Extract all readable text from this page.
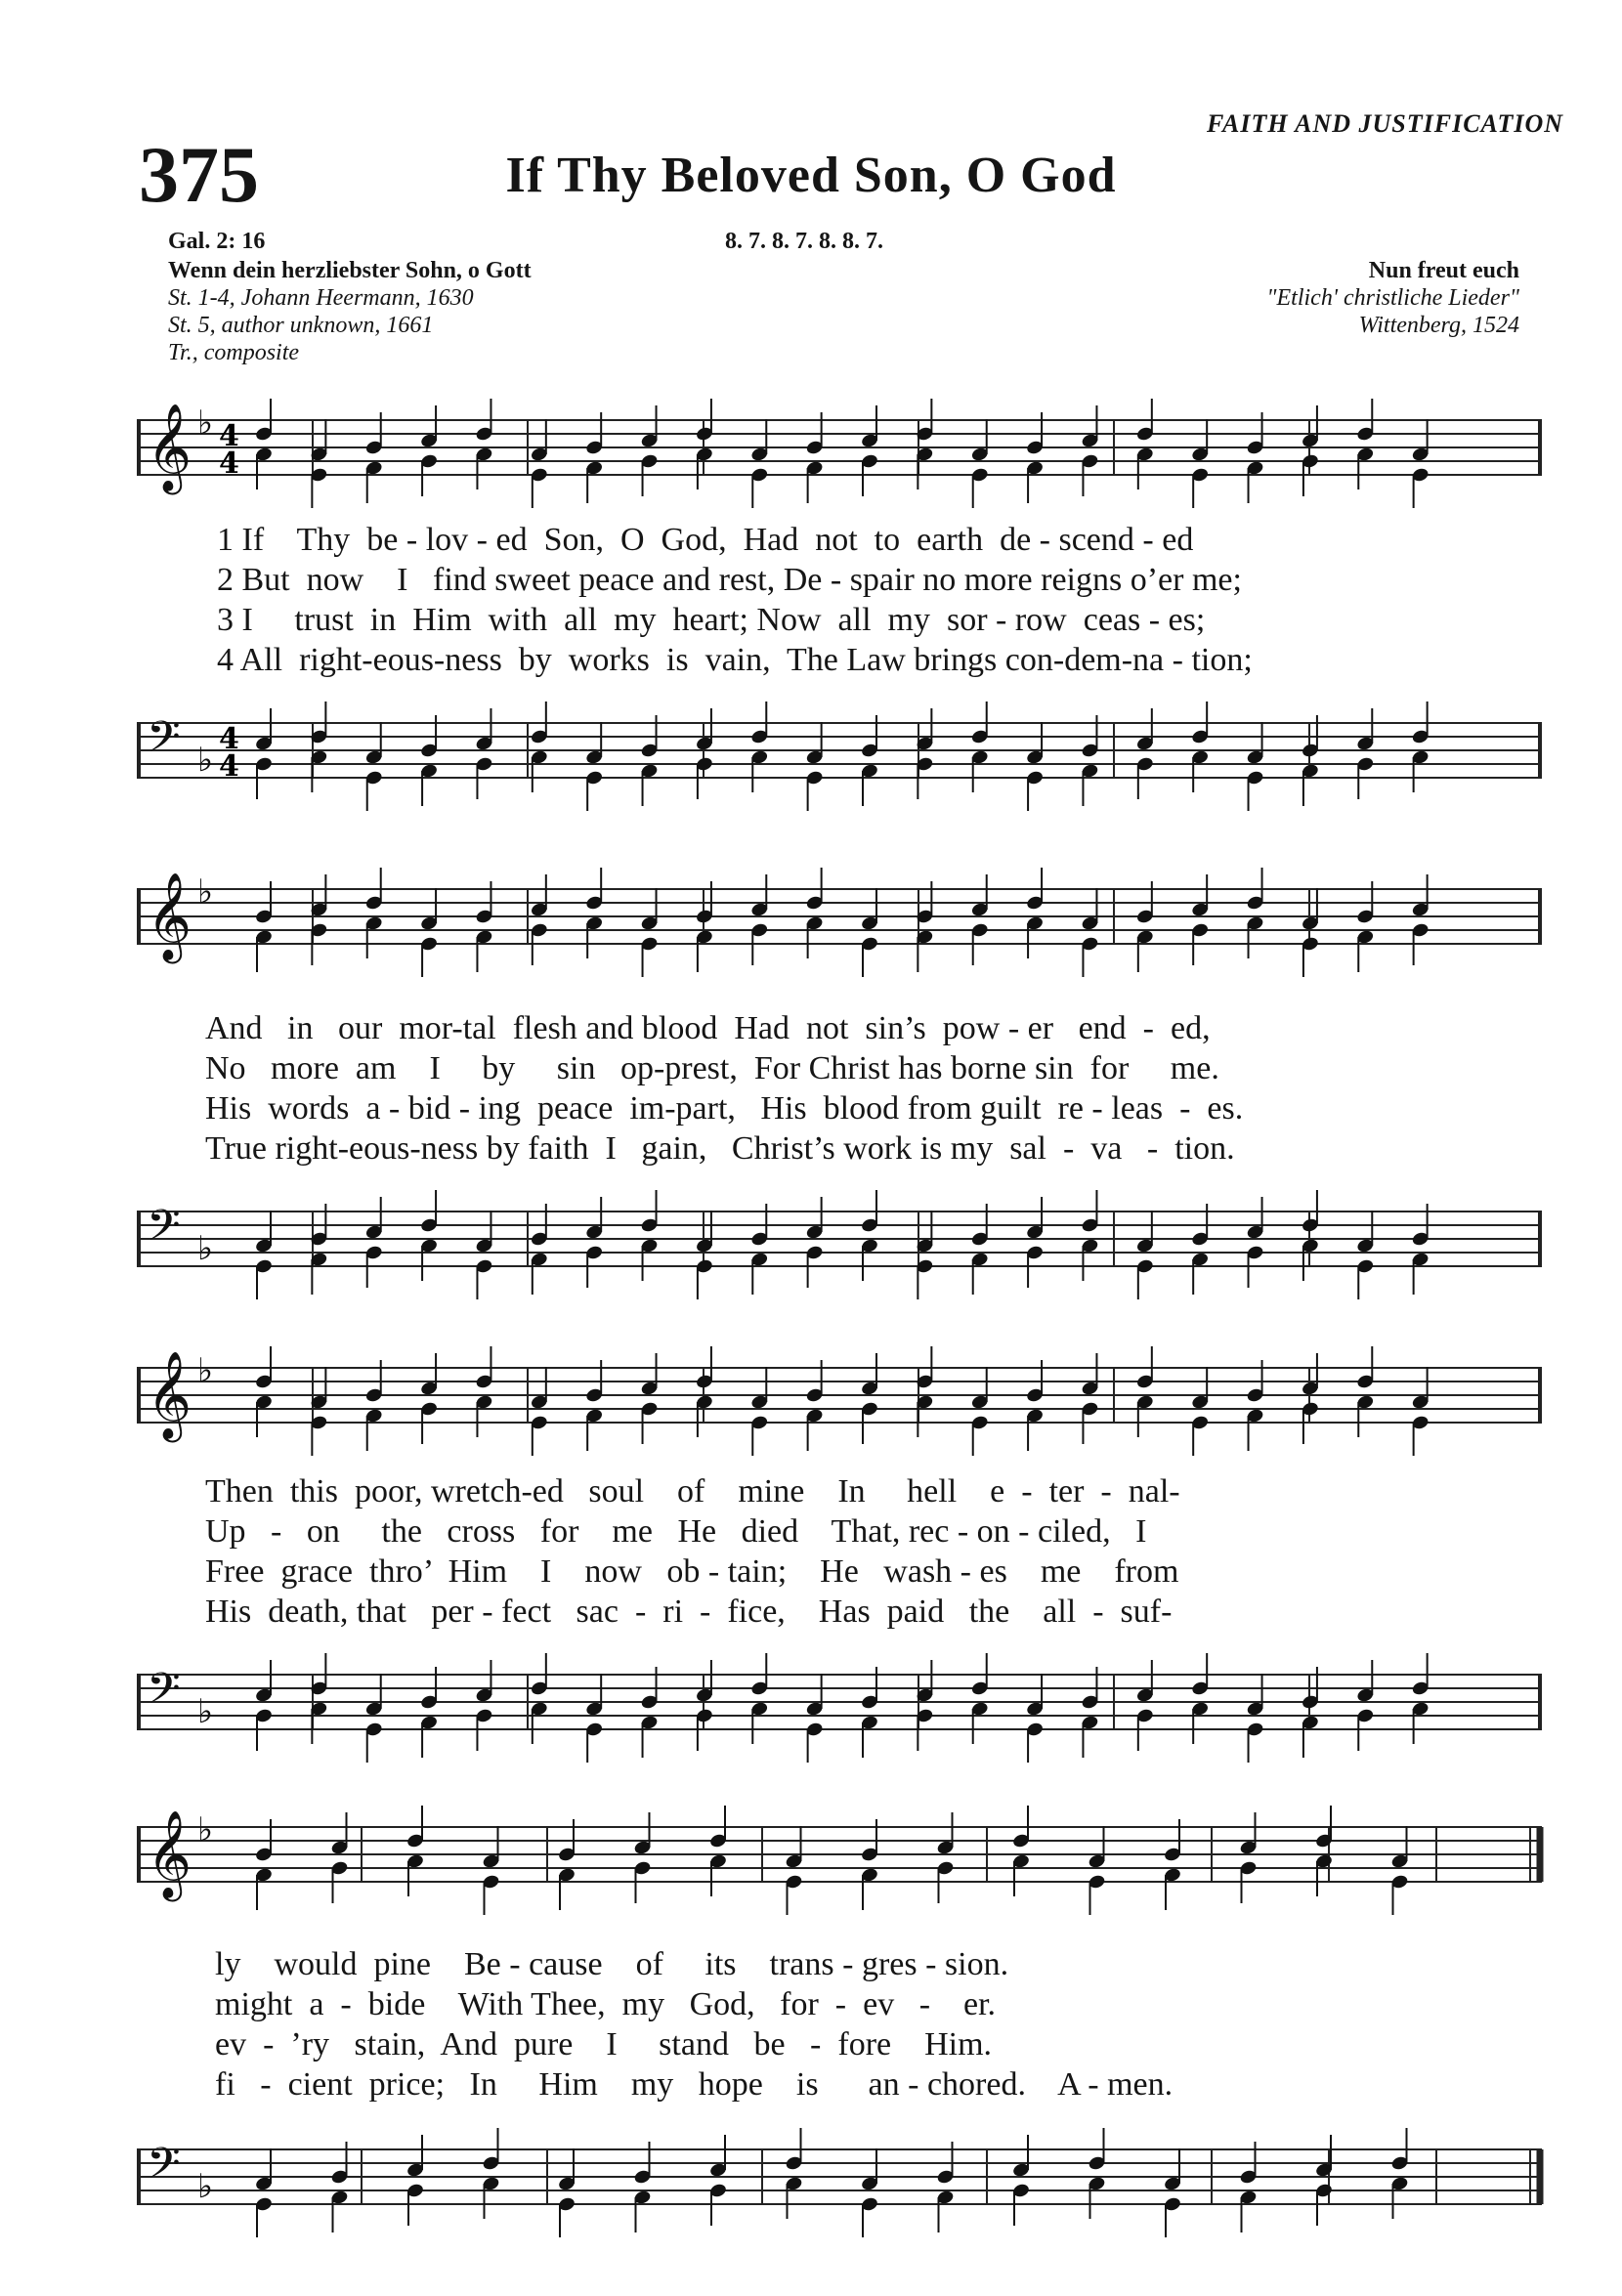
FAITH AND JUSTIFICATION
375	If Thy Beloved Son, O God
Gal. 2: 16	8. 7. 8. 7. 8. 8. 7.
Wenn dein herzliebster Sohn, o Gott
St. 1-4, Johann Heermann, 1630
St. 5, author unknown, 1661
Tr., composite
Nun freut euch
"Etlich' christliche Lieder"
Wittenberg, 1524
𝄞 ♭ 4
4
1 If    Thy  be - lov - ed  Son,  O  God,  Had  not  to  earth  de - scend - ed
2 But  now    I   find sweet peace and rest, De - spair no more reigns o’er me;
3 I     trust  in  Him  with  all  my  heart; Now  all  my  sor - row  ceas - es;
4 All  right-eous-ness  by  works  is  vain,  The Law brings con-dem-na - tion;
𝄢 ♭
4
4
𝄞 ♭
And   in   our  mor-tal  flesh and blood  Had  not  sin’s  pow - er   end  -  ed,
No   more  am    I     by     sin   op-prest,  For Christ has borne sin  for     me.
His  words  a - bid - ing  peace  im-part,   His  blood from guilt  re - leas  -  es.
True right-eous-ness by faith  I   gain,   Christ’s work is my  sal  -  va   -  tion.
𝄢 ♭
𝄞 ♭
Then  this  poor, wretch-ed   soul    of    mine    In     hell    e  -  ter  -  nal-
Up   -   on     the   cross   for    me   He   died    That, rec - on - ciled,   I
Free  grace  thro’  Him    I    now   ob - tain;    He   wash - es    me    from
His  death, that   per - fect   sac  -  ri  -  fice,    Has  paid   the    all  -  suf-
𝄢 ♭
𝄞 ♭
ly    would  pine    Be - cause    of     its    trans - gres - sion.
might  a  -  bide    With Thee,  my   God,   for  -  ev   -    er.
ev  -  ’ry   stain,  And  pure    I     stand   be   -  fore    Him.
fi   -  cient  price;   In     Him    my   hope    is      an - chored.    A - men.
𝄢 ♭
